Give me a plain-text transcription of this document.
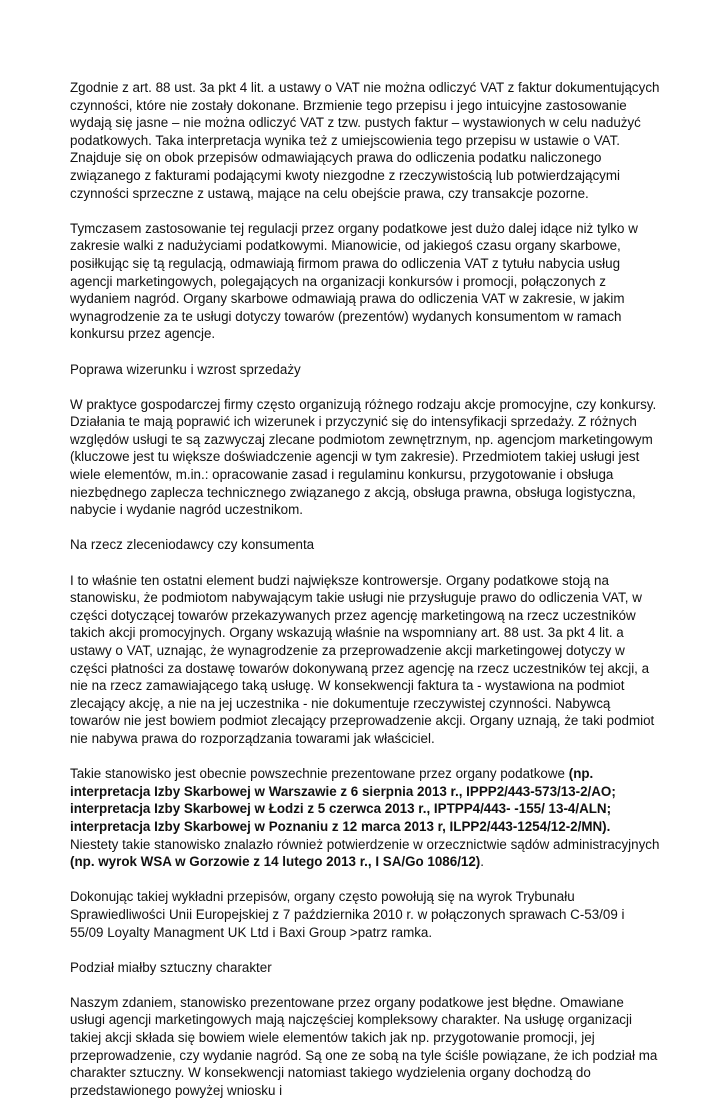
Zgodnie z art. 88 ust. 3a pkt 4 lit. a ustawy o VAT nie można odliczyć VAT z faktur dokumentujących czynności, które nie zostały dokonane. Brzmienie tego przepisu i jego intuicyjne zastosowanie wydają się jasne – nie można odliczyć VAT z tzw. pustych faktur – wystawionych w celu nadużyć podatkowych. Taka interpretacja wynika też z umiejscowienia tego przepisu w ustawie o VAT. Znajduje się on obok przepisów odmawiających prawa do odliczenia podatku naliczonego związanego z fakturami podającymi kwoty niezgodne z rzeczywistością lub potwierdzającymi czynności sprzeczne z ustawą, mające na celu obejście prawa, czy transakcje pozorne.

Tymczasem zastosowanie tej regulacji przez organy podatkowe jest dużo dalej idące niż tylko w zakresie walki z nadużyciami podatkowymi. Mianowicie, od jakiegoś czasu organy skarbowe, posiłkując się tą regulacją, odmawiają firmom prawa do odliczenia VAT z tytułu nabycia usług agencji marketingowych, polegających na organizacji konkursów i promocji, połączonych z wydaniem nagród. Organy skarbowe odmawiają prawa do odliczenia VAT w zakresie, w jakim wynagrodzenie za te usługi dotyczy towarów (prezentów) wydanych konsumentom w ramach konkursu przez agencje.

Poprawa wizerunku i wzrost sprzedaży

W praktyce gospodarczej firmy często organizują różnego rodzaju akcje promocyjne, czy konkursy. Działania te mają poprawić ich wizerunek i przyczynić się do intensyfikacji sprzedaży. Z różnych względów usługi te są zazwyczaj zlecane podmiotom zewnętrznym, np. agencjom marketingowym (kluczowe jest tu większe doświadczenie agencji w tym zakresie). Przedmiotem takiej usługi jest wiele elementów, m.in.: opracowanie zasad i regulaminu konkursu, przygotowanie i obsługa niezbędnego zaplecza technicznego związanego z akcją, obsługa prawna, obsługa logistyczna, nabycie i wydanie nagród uczestnikom.

Na rzecz zleceniodawcy czy konsumenta

I to właśnie ten ostatni element budzi największe kontrowersje. Organy podatkowe stoją na stanowisku, że podmiotom nabywającym takie usługi nie przysługuje prawo do odliczenia VAT, w części dotyczącej towarów przekazywanych przez agencję marketingową na rzecz uczestników takich akcji promocyjnych. Organy wskazują właśnie na wspomniany art. 88 ust. 3a pkt 4 lit. a ustawy o VAT, uznając, że wynagrodzenie za przeprowadzenie akcji marketingowej dotyczy w części płatności za dostawę towarów dokonywaną przez agencję na rzecz uczestników tej akcji, a nie na rzecz zamawiającego taką usługę. W konsekwencji faktura ta - wystawiona na podmiot zlecający akcję, a nie na jej uczestnika - nie dokumentuje rzeczywistej czynności. Nabywcą towarów nie jest bowiem podmiot zlecający przeprowadzenie akcji. Organy uznają, że taki podmiot nie nabywa prawa do rozporządzania towarami jak właściciel.

Takie stanowisko jest obecnie powszechnie prezentowane przez organy podatkowe (np. interpretacja Izby Skarbowej w Warszawie z 6 sierpnia 2013 r., IPPP2/443-573/13-2/AO; interpretacja Izby Skarbowej w Łodzi z 5 czerwca 2013 r., IPTPP4/443- -155/ 13-4/ALN; interpretacja Izby Skarbowej w Poznaniu z 12 marca 2013 r, ILPP2/443-1254/12-2/MN). Niestety takie stanowisko znalazło również potwierdzenie w orzecznictwie sądów administracyjnych (np. wyrok WSA w Gorzowie z 14 lutego 2013 r., I SA/Go 1086/12).

Dokonując takiej wykładni przepisów, organy często powołują się na wyrok Trybunału Sprawiedliwości Unii Europejskiej z 7 października 2010 r. w połączonych sprawach C-53/09 i 55/09 Loyalty Managment UK Ltd i Baxi Group >patrz ramka.

Podział miałby sztuczny charakter

Naszym zdaniem, stanowisko prezentowane przez organy podatkowe jest błędne. Omawiane usługi agencji marketingowych mają najczęściej kompleksowy charakter. Na usługę organizacji takiej akcji składa się bowiem wiele elementów takich jak np. przygotowanie promocji, jej przeprowadzenie, czy wydanie nagród. Są one ze sobą na tyle ściśle powiązane, że ich podział ma charakter sztuczny. W konsekwencji natomiast takiego wydzielenia organy dochodzą do przedstawionego powyżej wniosku i
